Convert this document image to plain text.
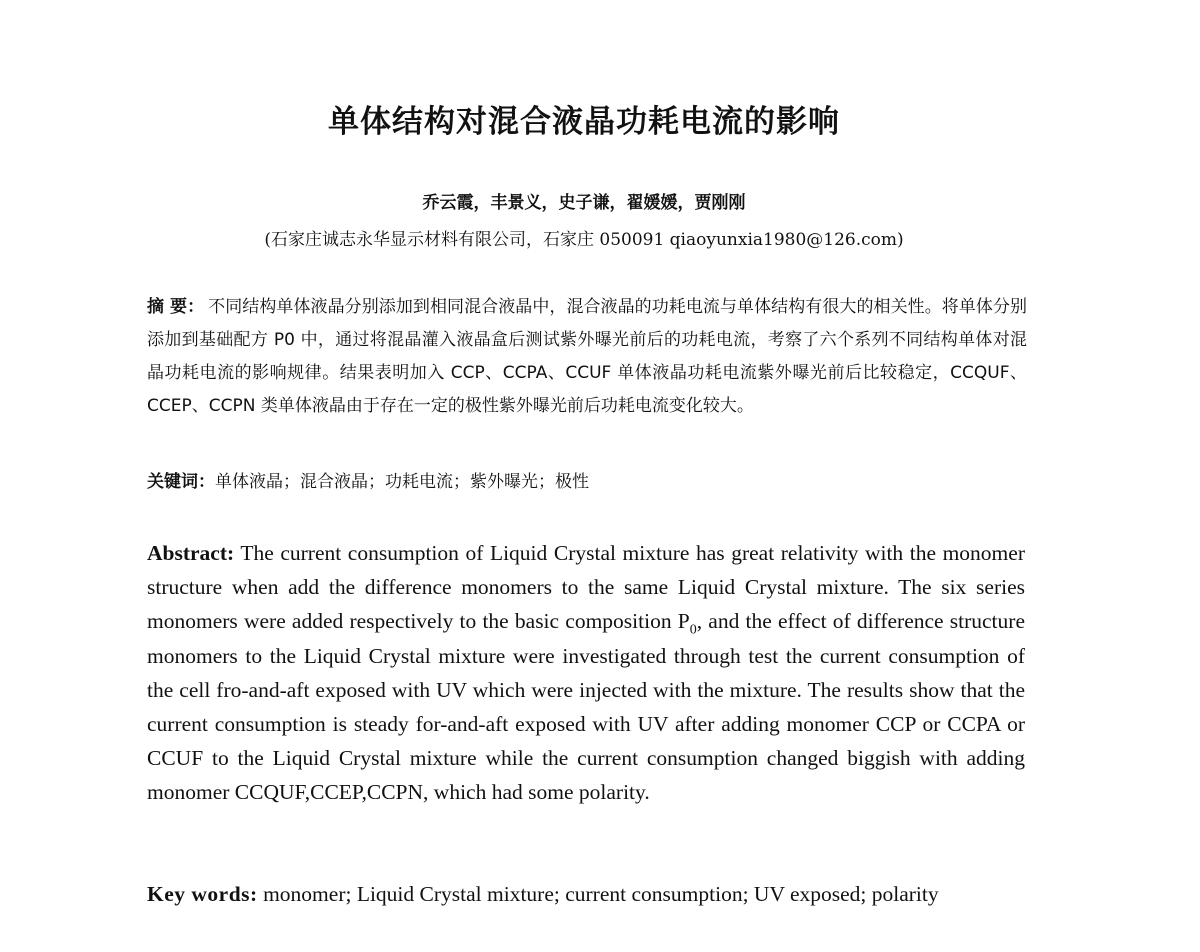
单体结构对混合液晶功耗电流的影响
乔云霞，丰景义，史子谦，翟媛媛，贾刚刚
(石家庄诚志永华显示材料有限公司，石家庄 050091 qiaoyunxia1980@126.com)
摘 要： 不同结构单体液晶分别添加到相同混合液晶中，混合液晶的功耗电流与单体结构有很大的相关性。将单体分别添加到基础配方 P0 中，通过将混晶灌入液晶盒后测试紫外曝光前后的功耗电流，考察了六个系列不同结构单体对混晶功耗电流的影响规律。结果表明加入 CCP、CCPA、CCUF 单体液晶功耗电流紫外曝光前后比较稳定，CCQUF、CCEP、CCPN 类单体液晶由于存在一定的极性紫外曝光前后功耗电流变化较大。
关键词：单体液晶；混合液晶；功耗电流；紫外曝光；极性
Abstract: The current consumption of Liquid Crystal mixture has great relativity with the monomer structure when add the difference monomers to the same Liquid Crystal mixture. The six series monomers were added respectively to the basic composition $P_0$, and the effect of difference structure monomers to the Liquid Crystal mixture were investigated through test the current consumption of the cell fro-and-aft exposed with UV which were injected with the mixture. The results show that the current consumption is steady for-and-aft exposed with UV after adding monomer CCP or CCPA or CCUF to the Liquid Crystal mixture while the current consumption changed biggish with adding monomer CCQUF,CCEP,CCPN, which had some polarity.
Key words: monomer; Liquid Crystal mixture; current consumption; UV exposed; polarity
